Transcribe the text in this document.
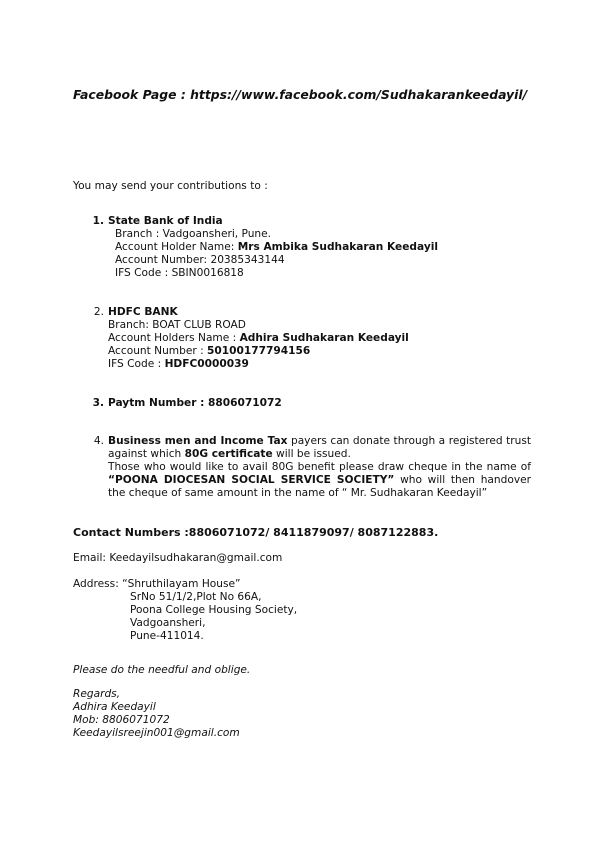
Facebook Page : https://www.facebook.com/Sudhakarankeedayil/
You may send your contributions to :
1. State Bank of India
Branch : Vadgoansheri, Pune.
Account Holder Name: Mrs Ambika Sudhakaran Keedayil
Account Number: 20385343144
IFS Code : SBIN0016818
2. HDFC BANK
Branch: BOAT CLUB ROAD
Account Holders Name : Adhira Sudhakaran Keedayil
Account Number : 50100177794156
IFS Code : HDFC0000039
3. Paytm Number : 8806071072
4. Business men and Income Tax payers can donate through a registered trust against which 80G certificate will be issued.
Those who would like to avail 80G benefit please draw cheque in the name of “POONA DIOCESAN SOCIAL SERVICE SOCIETY” who will then handover the cheque of same amount in the name of “ Mr. Sudhakaran Keedayil”
Contact Numbers :8806071072/ 8411879097/ 8087122883.
Email: Keedayilsudhakaran@gmail.com
Address: “Shruthilayam House”
SrNo 51/1/2,Plot No 66A,
Poona College Housing Society,
Vadgoansheri,
Pune-411014.
Please do the needful and oblige.
Regards,
Adhira Keedayil
Mob: 8806071072
Keedayilsreejin001@gmail.com
